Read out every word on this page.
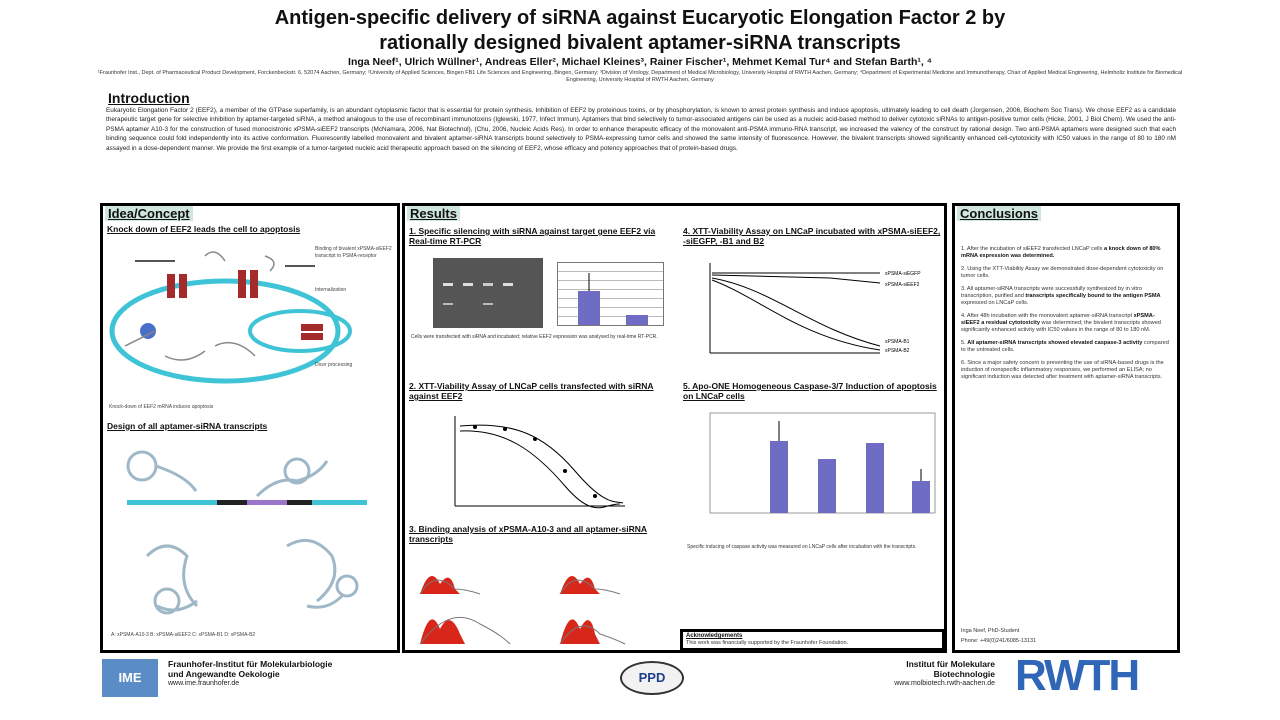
Antigen-specific delivery of siRNA against Eucaryotic Elongation Factor 2 by
rationally designed bivalent aptamer-siRNA transcripts
Inga Neef¹, Ulrich Wüllner¹, Andreas Eller², Michael Kleines³, Rainer Fischer¹, Mehmet Kemal Tur⁴ and Stefan Barth¹, ⁴
¹Fraunhofer Inst., Dept. of Pharmaceutical Product Development, Forckenbeckstr. 6, 52074 Aachen, Germany; ²University of Applied Sciences, Bingen FB1 Life Sciences and Engineering, Bingen, Germany; ³Division of Virology, Department of Medical Microbiology, University Hospital of RWTH Aachen, Germany; ⁴Department of Experimental Medicine and Immunotherapy, Chair of Applied Medical Engineering, Helmholtz Institute for Biomedical Engineering, University Hospital of RWTH Aachen, Germany
Introduction
Eukaryotic Elongation Factor 2 (EEF2), a member of the GTPase superfamily, is an abundant cytoplasmic factor that is essential for protein synthesis. Inhibition of EEF2 by proteinous toxins, or by phosphorylation, is known to arrest protein synthesis and induce apoptosis, ultimately leading to cell death (Jorgensen, 2006, Biochem Soc Trans). We chose EEF2 as a candidate therapeutic target gene for selective inhibition by aptamer-targeted siRNA, a method analogous to the use of recombinant immunotoxins (Iglewski, 1977, Infect Immun). Aptamers that bind selectively to tumor-associated antigens can be used as a nucleic acid-based method to deliver cytotoxic siRNAs to antigen-positive tumor cells (Hicke, 2001, J Biol Chem). We used the anti-PSMA aptamer A10-3 for the construction of fused monocistronic xPSMA-siEEF2 transcripts (McNamara, 2006, Nat Biotechnol), (Chu, 2006, Nucleic Acids Res). In order to enhance therapeutic efficacy of the monovalent anti-PSMA immuno-RNA transcript, we increased the valency of the construct by rational design. Two anti-PSMA aptamers were designed such that each binding sequence could fold independently into its active conformation. Fluorescently labelled monovalent and bivalent aptamer-siRNA transcripts bound selectively to PSMA-expressing tumor cells and showed the same intensity of fluorescence. However, the bivalent transcripts showed significantly enhanced cell-cytotoxicity with IC50 values in the range of 80 to 180 nM assayed in a dose-dependent manner. We provide the first example of a tumor-targeted nucleic acid therapeutic approach based on the silencing of EEF2, whose efficacy and potency approaches that of protein-based drugs.
Idea/Concept
Knock down of EEF2 leads the cell to apoptosis
Binding of bivalent xPSMA-siEEF2
transcript to PSMA-receptor
Internalization
Dicer processing
Knock-down of EEF2 mRNA induces apoptosis
Design of all aptamer-siRNA transcripts
A: xPSMA-A10-3 B: xPSMA-siEEF2 C: xPSMA-B1 D: xPSMA-B2
Results
1. Specific silencing with siRNA against target gene EEF2 via Real-time RT-PCR
Cells were transfected with siRNA and incubated; relative EEF2 expression was analysed by real-time RT-PCR.
2. XTT-Viability Assay of LNCaP cells transfected with siRNA against EEF2
3. Binding analysis of xPSMA-A10-3 and all aptamer-siRNA transcripts
4. XTT-Viability Assay on LNCaP incubated with xPSMA-siEEF2, -siEGFP, -B1 and B2
xPSMA-siEGFP
xPSMA-siEEF2
xPSMA-B1
xPSMA-B2
5. Apo-ONE Homogeneous Caspase-3/7 Induction of apoptosis on LNCaP cells
Specific inducing of caspase activity was measured on LNCaP cells after incubation with the transcripts.
Acknowledgements
This work was financially supported by the Fraunhofer Foundation.
Conclusions
1. After the incubation of siEEF2 transfected LNCaP cells a knock down of 80% mRNA expression was determined.
2. Using the XTT-Viability Assay we demonstrated dose-dependent cytotoxicity on tumor cells.
3. All aptamer-siRNA transcripts were successfully synthesized by in vitro transcription, purified and transcripts specifically bound to the antigen PSMA expressed on LNCaP cells.
4. After 48h incubation with the monovalent aptamer-siRNA transcript xPSMA-siEEF2 a residual cytotoxicity was determined; the bivalent transcripts showed significantly enhanced activity with IC50 values in the range of 80 to 180 nM.
5. All aptamer-siRNA transcripts showed elevated caspase-3 activity compared to the untreated cells.
6. Since a major safety concern is preventing the use of siRNA-based drugs is the induction of nonspecific inflammatory responses, we performed an ELISA; no significant induction was detected after treatment with aptamer-siRNA transcripts.
Inga Neef, PhD-Student
Phone: +49(0)241/6085-13131
IME
Fraunhofer-Institut für Molekularbiologie
und Angewandte Oekologie
www.ime.fraunhofer.de	PPD
Institut für Molekulare
Biotechnologie
www.molbiotech.rwth-aachen.de RWTH
